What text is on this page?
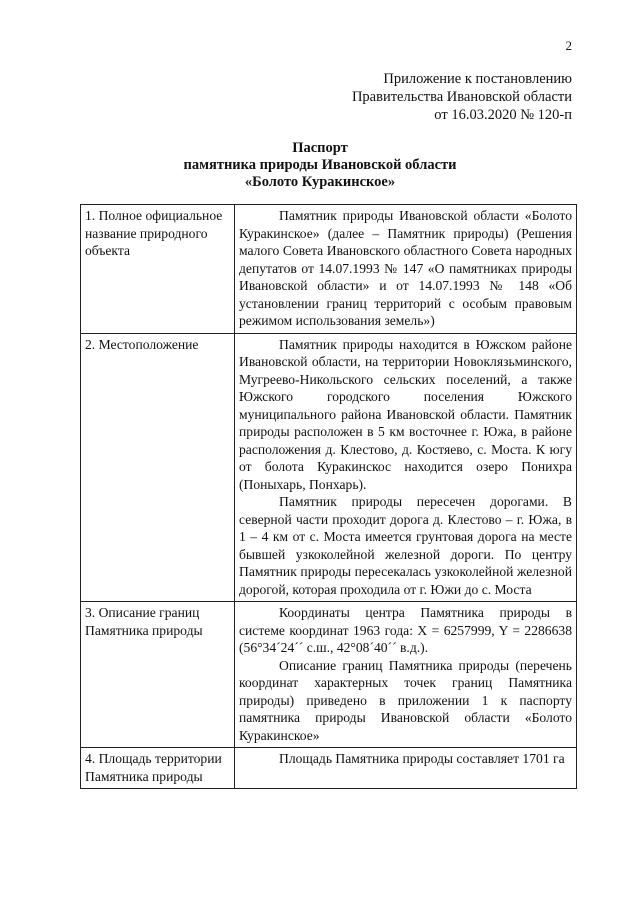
2
Приложение к постановлению
Правительства Ивановской области
от 16.03.2020 № 120-п
Паспорт
памятника природы Ивановской области
«Болото Куракинское»
1. Полное официальное название природного объекта	Памятник природы Ивановской области «Болото Куракинское» (далее – Памятник природы) (Решения малого Совета Ивановского областного Совета народных депутатов от 14.07.1993 № 147 «О памятниках природы Ивановской области» и от 14.07.1993 № 148 «Об установлении границ территорий с особым правовым режимом использования земель»)

2. Местоположение	Памятник природы находится в Южском районе Ивановской области, на территории Новоклязьминского, Мугреево-Никольского сельских поселений, а также Южского городского поселения Южского муниципального района Ивановской области. Памятник природы расположен в 5 км восточнее г. Южа, в районе расположения д. Клестово, д. Костяево, с. Моста. К югу от болота Куракинскос находится озеро Понихра (Поныхарь, Понхарь).

Памятник природы пересечен дорогами. В северной части проходит дорога д. Клестово – г. Южа, в 1 – 4 км от с. Моста имеется грунтовая дорога на месте бывшей узкоколейной железной дороги. По центру Памятник природы пересекалась узкоколейной железной дорогой, которая проходила от г. Южи до с. Моста

3. Описание границ Памятника природы	Координаты центра Памятника природы в системе координат 1963 года: X = 6257999, Y = 2286638 (56°34´24´´ с.ш., 42°08´40´´ в.д.).

Описание границ Памятника природы (перечень координат характерных точек границ Памятника природы) приведено в приложении 1 к паспорту памятника природы Ивановской области «Болото Куракинское»

4. Площадь территории Памятника природы	Площадь Памятника природы составляет 1701 га
